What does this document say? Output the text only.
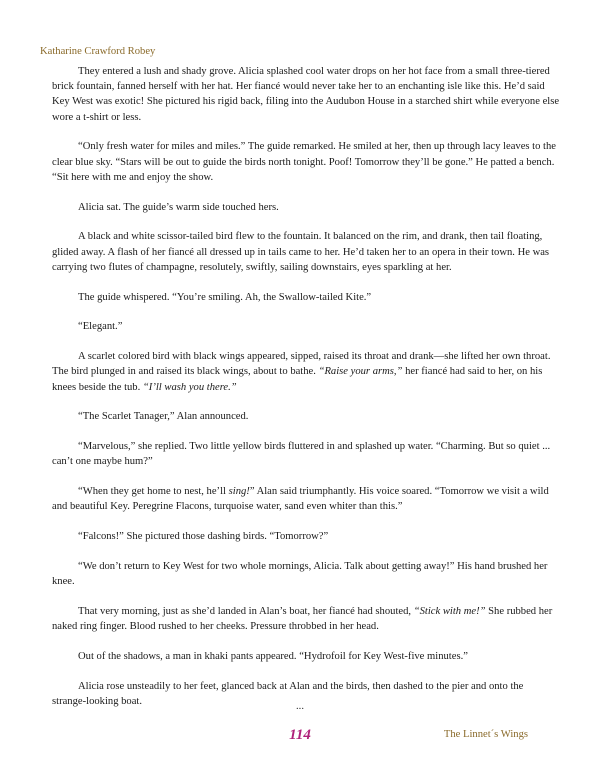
Katharine Crawford Robey

They entered a lush and shady grove. Alicia splashed cool water drops on her hot face from a small three-tiered brick fountain, fanned herself with her hat. Her fiancé would never take her to an enchanting isle like this. He’d said Key West was exotic! She pictured his rigid back, filing into the Audubon House in a starched shirt while everyone else wore a t-shirt or less.

“Only fresh water for miles and miles.” The guide remarked. He smiled at her, then up through lacy leaves to the clear blue sky. “Stars will be out to guide the birds north tonight. Poof! Tomorrow they’ll be gone.” He patted a bench. “Sit here with me and enjoy the show.

Alicia sat. The guide’s warm side touched hers.

A black and white scissor-tailed bird flew to the fountain. It balanced on the rim, and drank, then tail floating, glided away. A flash of her fiancé all dressed up in tails came to her. He’d taken her to an opera in their town. He was carrying two flutes of champagne, resolutely, swiftly, sailing downstairs, eyes sparkling at her.

The guide whispered. “You’re smiling. Ah, the Swallow-tailed Kite.”

“Elegant.”

A scarlet colored bird with black wings appeared, sipped, raised its throat and drank—she lifted her own throat. The bird plunged in and raised its black wings, about to bathe. “Raise your arms,” her fiancé had said to her, on his knees beside the tub. “I’ll wash you there.”

“The Scarlet Tanager,” Alan announced.

“Marvelous,” she replied. Two little yellow birds fluttered in and splashed up water. “Charming. But so quiet ... can’t one maybe hum?”

“When they get home to nest, he’ll sing!” Alan said triumphantly. His voice soared. “Tomorrow we visit a wild and beautiful Key. Peregrine Flacons, turquoise water, sand even whiter than this.”

“Falcons!” She pictured those dashing birds. “Tomorrow?”

“We don’t return to Key West for two whole mornings, Alicia. Talk about getting away!” His hand brushed her knee.

That very morning, just as she’d landed in Alan’s boat, her fiancé had shouted, “Stick with me!” She rubbed her naked ring finger. Blood rushed to her cheeks. Pressure throbbed in her head.

Out of the shadows, a man in khaki pants appeared. “Hydrofoil for Key West-five minutes.”

Alicia rose unsteadily to her feet, glanced back at Alan and the birds, then dashed to the pier and onto the strange-looking boat.	...
114	The Linnet´s Wings
